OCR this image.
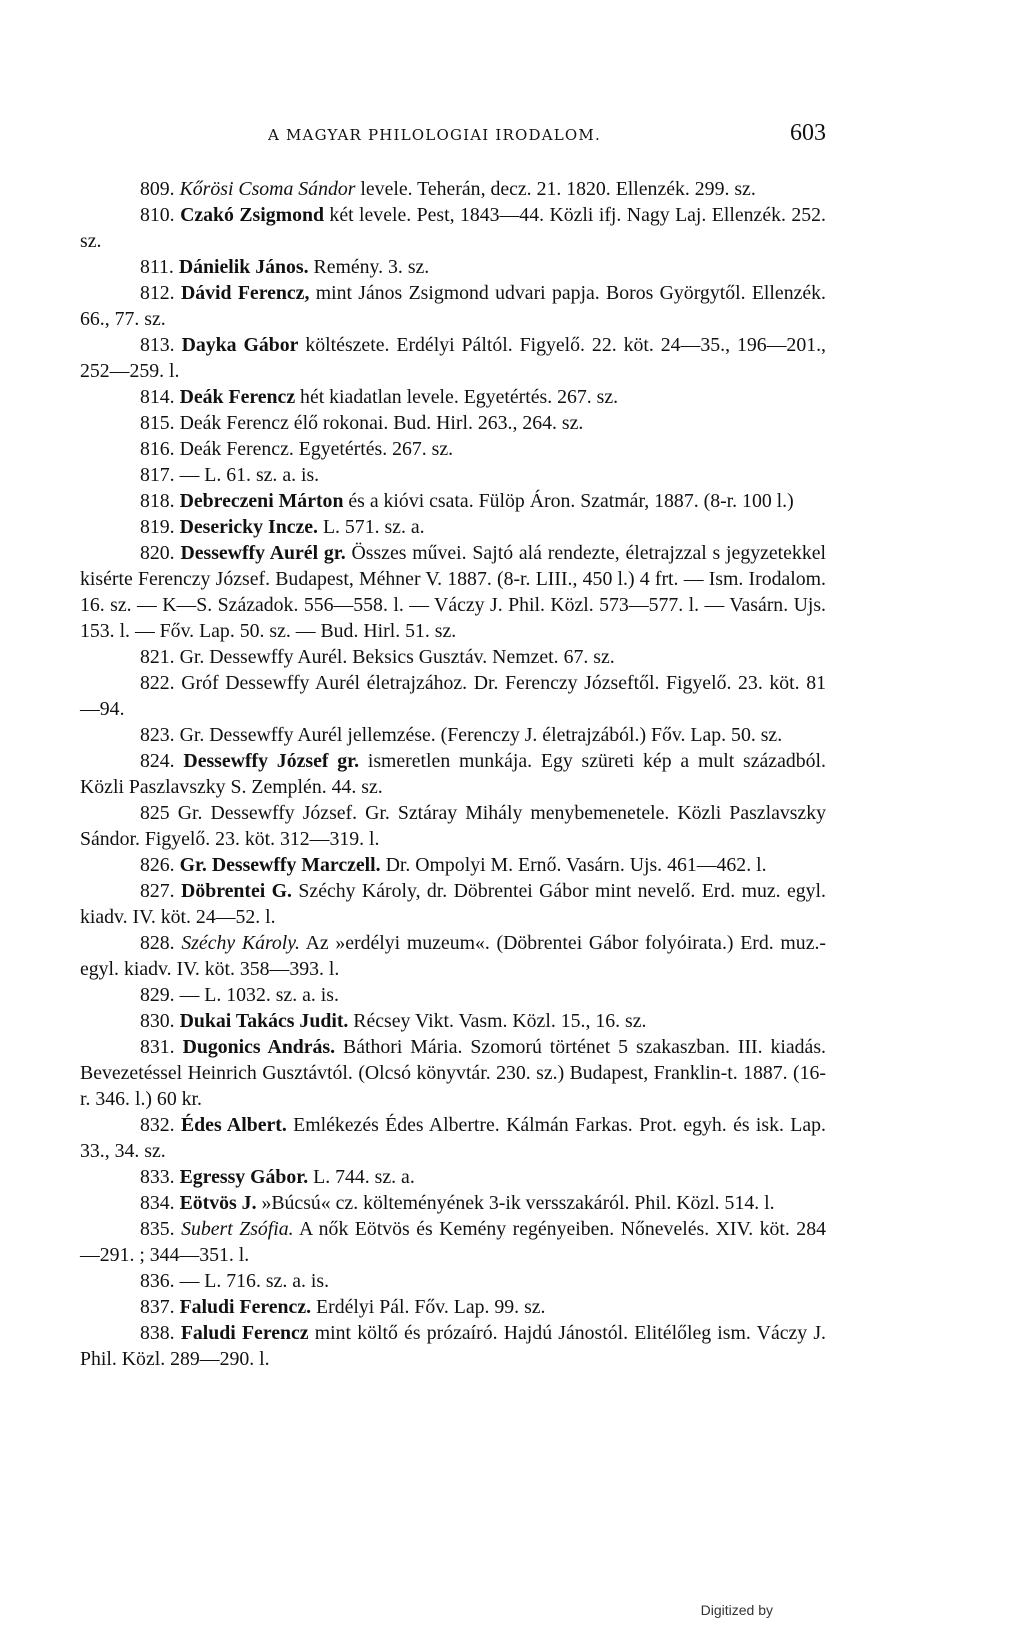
A MAGYAR PHILOLOGIAI IRODALOM.	603

809. Kőrösi Csoma Sándor levele. Teherán, decz. 21. 1820. Ellenzék. 299. sz.

810. Czakó Zsigmond két levele. Pest, 1843—44. Közli ifj. Nagy Laj. Ellenzék. 252. sz.

811. Dánielik János. Remény. 3. sz.

812. Dávid Ferencz, mint János Zsigmond udvari papja. Boros Györgytől. Ellenzék. 66., 77. sz.

813. Dayka Gábor költészete. Erdélyi Páltól. Figyelő. 22. köt. 24—35., 196—201., 252—259. l.

814. Deák Ferencz hét kiadatlan levele. Egyetértés. 267. sz.

815. Deák Ferencz élő rokonai. Bud. Hirl. 263., 264. sz.

816. Deák Ferencz. Egyetértés. 267. sz.

817. — L. 61. sz. a. is.

818. Debreczeni Márton és a kióvi csata. Fülöp Áron. Szatmár, 1887. (8-r. 100 l.)

819. Desericky Incze. L. 571. sz. a.

820. Dessewffy Aurél gr. Összes művei. Sajtó alá rendezte, életrajzzal s jegyzetekkel kisérte Ferenczy József. Budapest, Méhner V. 1887. (8-r. LIII., 450 l.) 4 frt. — Ism. Irodalom. 16. sz. — K—S. Századok. 556—558. l. — Váczy J. Phil. Közl. 573—577. l. — Vasárn. Ujs. 153. l. — Főv. Lap. 50. sz. — Bud. Hirl. 51. sz.

821. Gr. Dessewffy Aurél. Beksics Gusztáv. Nemzet. 67. sz.

822. Gróf Dessewffy Aurél életrajzához. Dr. Ferenczy Józseftől. Figyelő. 23. köt. 81—94.

823. Gr. Dessewffy Aurél jellemzése. (Ferenczy J. életrajzából.) Főv. Lap. 50. sz.

824. Dessewffy József gr. ismeretlen munkája. Egy szüreti kép a mult századból. Közli Paszlavszky S. Zemplén. 44. sz.

825 Gr. Dessewffy József. Gr. Sztáray Mihály menybemenetele. Közli Paszlavszky Sándor. Figyelő. 23. köt. 312—319. l.

826. Gr. Dessewffy Marczell. Dr. Ompolyi M. Ernő. Vasárn. Ujs. 461—462. l.

827. Döbrentei G. Széchy Károly, dr. Döbrentei Gábor mint nevelő. Erd. muz. egyl. kiadv. IV. köt. 24—52. l.

828. Széchy Károly. Az »erdélyi muzeum«. (Döbrentei Gábor folyóirata.) Erd. muz.-egyl. kiadv. IV. köt. 358—393. l.

829. — L. 1032. sz. a. is.

830. Dukai Takács Judit. Récsey Vikt. Vasm. Közl. 15., 16. sz.

831. Dugonics András. Báthori Mária. Szomorú történet 5 szakaszban. III. kiadás. Bevezetéssel Heinrich Gusztávtól. (Olcsó könyvtár. 230. sz.) Budapest, Franklin-t. 1887. (16-r. 346. l.) 60 kr.

832. Édes Albert. Emlékezés Édes Albertre. Kálmán Farkas. Prot. egyh. és isk. Lap. 33., 34. sz.

833. Egressy Gábor. L. 744. sz. a.

834. Eötvös J. »Búcsú« cz. költeményének 3-ik versszakáról. Phil. Közl. 514. l.

835. Subert Zsófia. A nők Eötvös és Kemény regényeiben. Nőnevelés. XIV. köt. 284—291. ; 344—351. l.

836. — L. 716. sz. a. is.

837. Faludi Ferencz. Erdélyi Pál. Főv. Lap. 99. sz.

838. Faludi Ferencz mint költő és prózaíró. Hajdú Jánostól. Elitélőleg ism. Váczy J. Phil. Közl. 289—290. l.

Digitized by
